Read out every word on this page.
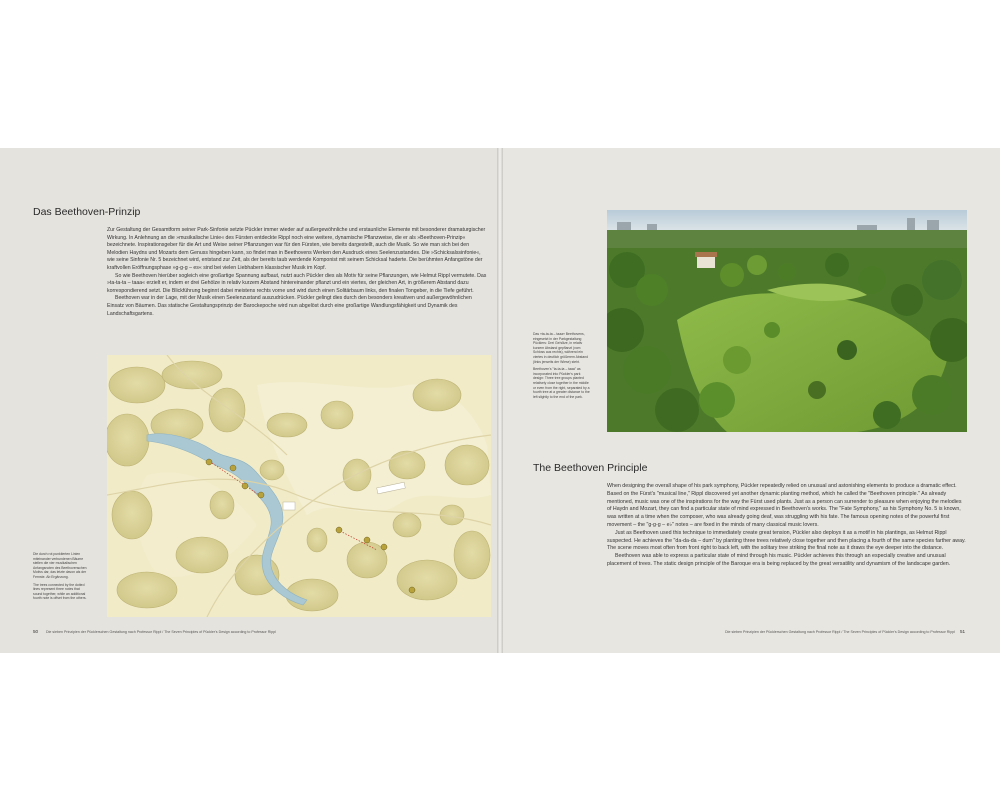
Das Beethoven-Prinzip

Zur Gestaltung der Gesamtform seiner Park-Sinfonie setzte Pückler immer wieder auf außergewöhnliche und erstaunliche Elemente mit besonderer dramaturgischer Wirkung. In Anlehnung an die »musikalische Linie« des Fürsten entdeckte Rippl noch eine weitere, dynamische Pflanzweise, die er als »Beethoven-Prinzip« bezeichnete. Inspirationsgeber für die Art und Weise seiner Pflanzungen war für den Fürsten, wie bereits dargestellt, auch die Musik. So wie man sich bei den Melodien Haydns und Mozarts dem Genuss hingeben kann, so findet man in Beethovens Werken den Ausdruck eines Seelenzustandes. Die »Schicksalssinfonie«, wie seine Sinfonie Nr. 5 bezeichnet wird, entstand zur Zeit, als der bereits taub werdende Komponist mit seinem Schicksal haderte. Die berühmten Anfangstöne der kraftvollen Eröffnungsphase »g-g-g – es« sind bei vielen Liebhabern klassischer Musik im Kopf.

So wie Beethoven hierüber sogleich eine großartige Spannung aufbaut, nutzt auch Pückler dies als Motiv für seine Pflanzungen, wie Helmut Rippl vermutete. Das »ta-ta-ta – taaa« erzielt er, indem er drei Gehölze in relativ kurzem Abstand hintereinander pflanzt und ein viertes, der gleichen Art, in größerem Abstand dazu korrespondierend setzt. Die Blickführung beginnt dabei meistens rechts vorne und wird durch einen Solitärbaum links, den finalen Tongeber, in die Tiefe geführt.

Beethoven war in der Lage, mit der Musik einen Seelenzustand auszudrücken. Pückler gelingt dies durch den besonders kreativen und außergewöhnlichen Einsatz von Bäumen. Das statische Gestaltungsprinzip der Barockepoche wird nun abgelöst durch eine großartige Wandlungsfähigkeit und Dynamik des Landschaftsgartens.

Die durch rot punktierten Linien miteinander verbundenen Bäume stellen die vier musikalischen Anfangsnoten des Beethovenschen Motivs dar, das letzte davon als der Fernste. Ab Ergänzung.

The trees connected by the dotted lines represent three notes that sound together, while an additional fourth note is offset from the others.

50 Die sieben Prinzipien der Pücklerschen Gestaltung nach Professor Rippl / The Seven Principles of Pückler's Design according to Professor Rippl

Das »ta-ta-ta – taaa« Beethovens, eingesetzt in der Parkgestaltung Pücklers: Drei Gehölze, in relativ kurzem Abstand gepflanzt (vom Schloss aus rechts), während ein viertes in deutlich größerem Abstand (links jenseits der Wiese) steht.

Beethoven's "ta-ta-ta – taaa" as incorporated into Pückler's park design: Three tree groups planted relatively close together in the middle or even from the right, separated by a fourth tree at a greater distance to the left slightly to the end of the park.

The Beethoven Principle

When designing the overall shape of his park symphony, Pückler repeatedly relied on unusual and astonishing elements to produce a dramatic effect. Based on the Fürst's "musical line," Rippl discovered yet another dynamic planting method, which he called the "Beethoven principle." As already mentioned, music was one of the inspirations for the way the Fürst used plants. Just as a person can surrender to pleasure when enjoying the melodies of Haydn and Mozart, they can find a particular state of mind expressed in Beethoven's works. The "Fate Symphony," as his Symphony No. 5 is known, was written at a time when the composer, who was already going deaf, was struggling with his fate. The famous opening notes of the powerful first movement – the "g-g-g – e♭" notes – are fixed in the minds of many classical music lovers.

Just as Beethoven used this technique to immediately create great tension, Pückler also deploys it as a motif in his plantings, as Helmut Rippl suspected. He achieves the "da-da-da – dum" by planting three trees relatively close together and then placing a fourth of the same species farther away. The scene moves most often from front right to back left, with the solitary tree striking the final note as it draws the eye deeper into the distance.

Beethoven was able to express a particular state of mind through his music. Pückler achieves this through an especially creative and unusual placement of trees. The static design principle of the Baroque era is being replaced by the great versatility and dynamism of the landscape garden.

Die sieben Prinzipien der Pücklerschen Gestaltung nach Professor Rippl / The Seven Principles of Pückler's Design according to Professor Rippl 51
